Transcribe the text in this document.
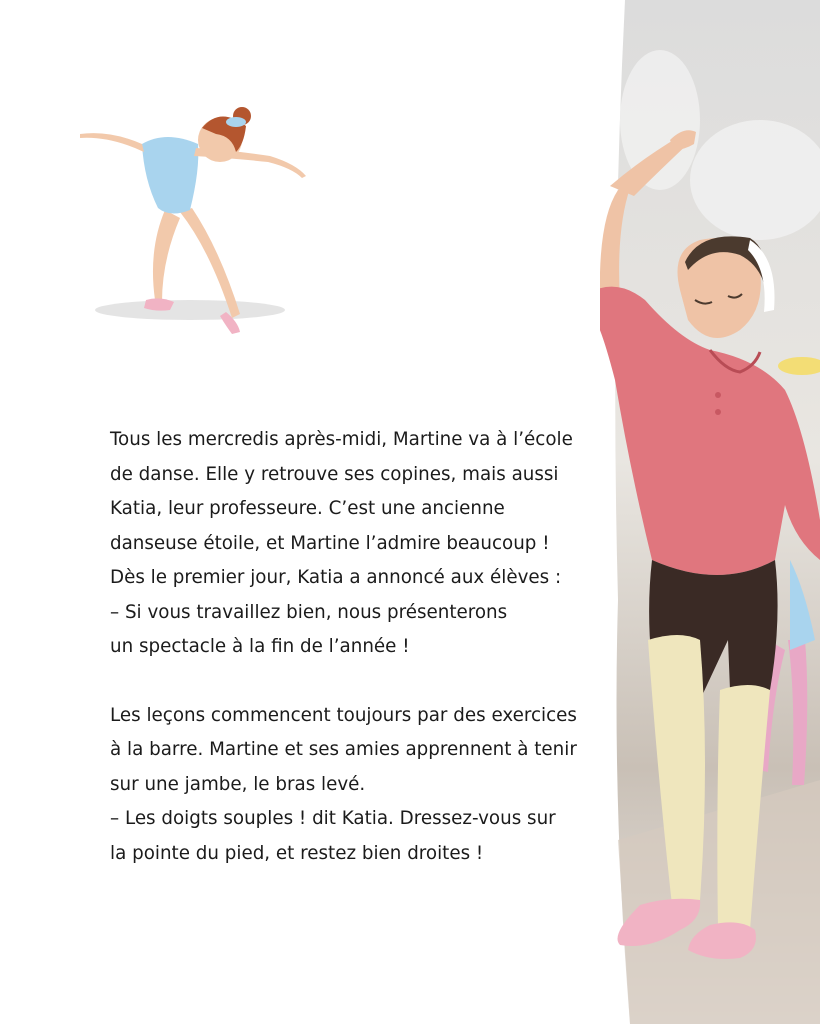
Tous les mercredis après-midi, Martine va à l’école
de danse. Elle y retrouve ses copines, mais aussi
Katia, leur professeure. C’est une ancienne
danseuse étoile, et Martine l’admire beaucoup !
Dès le premier jour, Katia a annoncé aux élèves :
– Si vous travaillez bien, nous présenterons
un spectacle à la fin de l’année !

Les leçons commencent toujours par des exercices
à la barre. Martine et ses amies apprennent à tenir
sur une jambe, le bras levé.
– Les doigts souples ! dit Katia. Dressez-vous sur
la pointe du pied, et restez bien droites !
